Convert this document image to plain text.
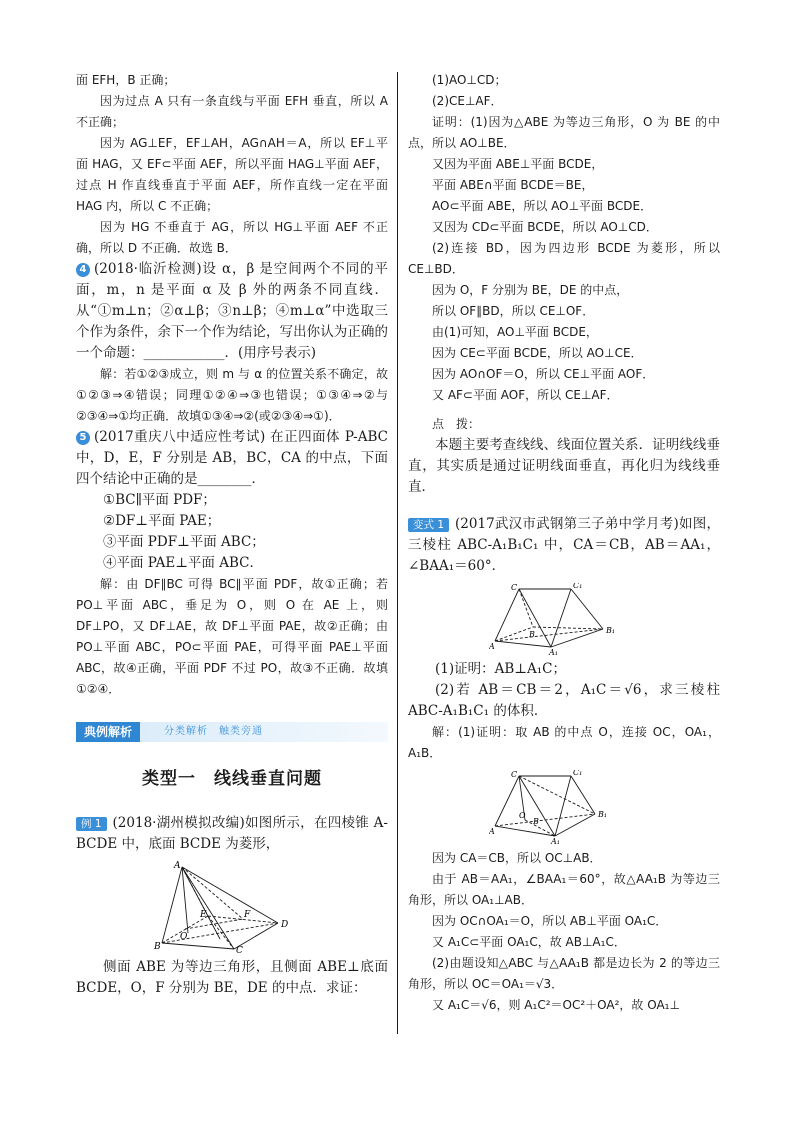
面 EFH，B 正确；

因为过点 A 只有一条直线与平面 EFH 垂直，所以 A 不正确；

因为 AG⊥EF，EF⊥AH，AG∩AH＝A，所以 EF⊥平面 HAG，又 EF⊂平面 AEF，所以平面 HAG⊥平面 AEF，过点 H 作直线垂直于平面 AEF，所作直线一定在平面 HAG 内，所以 C 不正确；

因为 HG 不垂直于 AG，所以 HG⊥平面 AEF 不正确，所以 D 不正确．故选 B．

4 (2018·临沂检测)设 α，β 是空间两个不同的平面，m，n 是平面 α 及 β 外的两条不同直线．从“①m⊥n；②α⊥β；③n⊥β；④m⊥α”中选取三个作为条件，余下一个作为结论，写出你认为正确的一个命题：____________．(用序号表示)

解：若①②③成立，则 m 与 α 的位置关系不确定，故①②③⇒④错误；同理①②④⇒③也错误；①③④⇒②与②③④⇒①均正确．故填①③④⇒②(或②③④⇒①)．

5 (2017重庆八中适应性考试) 在正四面体 P-ABC 中，D，E，F 分别是 AB，BC，CA 的中点，下面四个结论中正确的是________．

①BC∥平面 PDF；

②DF⊥平面 PAE；

③平面 PDF⊥平面 ABC；

④平面 PAE⊥平面 ABC．

解：由 DF∥BC 可得 BC∥平面 PDF，故①正确；若 PO⊥平面 ABC，垂足为 O，则 O 在 AE 上，则 DF⊥PO，又 DF⊥AE，故 DF⊥平面 PAE，故②正确；由 PO⊥平面 ABC，PO⊂平面 PAE，可得平面 PAE⊥平面 ABC，故④正确，平面 PDF 不过 PO，故③不正确．故填①②④．

典例解析	分类解析　触类旁通
类型一　线线垂直问题

例 1 (2018·湖州模拟改编)如图所示，在四棱锥 A-BCDE 中，底面 BCDE 为菱形，

A
E	F
D
O
B	C

侧面 ABE 为等边三角形，且侧面 ABE⊥底面 BCDE，O，F 分别为 BE，DE 的中点．求证：

(1)AO⊥CD；

(2)CE⊥AF．

证明：(1)因为△ABE 为等边三角形，O 为 BE 的中点，所以 AO⊥BE．

又因为平面 ABE⊥平面 BCDE，

平面 ABE∩平面 BCDE＝BE，

AO⊂平面 ABE，所以 AO⊥平面 BCDE．

又因为 CD⊂平面 BCDE，所以 AO⊥CD．

(2)连接 BD，因为四边形 BCDE 为菱形，所以 CE⊥BD．

因为 O，F 分别为 BE，DE 的中点，

所以 OF∥BD，所以 CE⊥OF．

由(1)可知，AO⊥平面 BCDE，

因为 CE⊂平面 BCDE，所以 AO⊥CE．

因为 AO∩OF＝O，所以 CE⊥平面 AOF．

又 AF⊂平面 AOF，所以 CE⊥AF．

点　拨：

本题主要考查线线、线面位置关系．证明线线垂直，其实质是通过证明线面垂直，再化归为线线垂直．

变式 1 (2017武汉市武钢第三子弟中学月考)如图，三棱柱 ABC-A₁B₁C₁ 中，CA＝CB，AB＝AA₁，∠BAA₁＝60°．

C	C₁
B
A
A₁
B₁

(1)证明：AB⊥A₁C；

(2)若 AB＝CB＝2，A₁C＝√6，求三棱柱 ABC-A₁B₁C₁ 的体积．

解：(1)证明：取 AB 的中点 O，连接 OC，OA₁，A₁B．

C	C₁
B₁
O
B
A
A₁

因为 CA＝CB，所以 OC⊥AB．

由于 AB＝AA₁，∠BAA₁＝60°，故△AA₁B 为等边三角形，所以 OA₁⊥AB．

因为 OC∩OA₁＝O，所以 AB⊥平面 OA₁C．

又 A₁C⊂平面 OA₁C，故 AB⊥A₁C．

(2)由题设知△ABC 与△AA₁B 都是边长为 2 的等边三角形，所以 OC＝OA₁＝√3．

又 A₁C＝√6，则 A₁C²＝OC²＋OA²，故 OA₁⊥
